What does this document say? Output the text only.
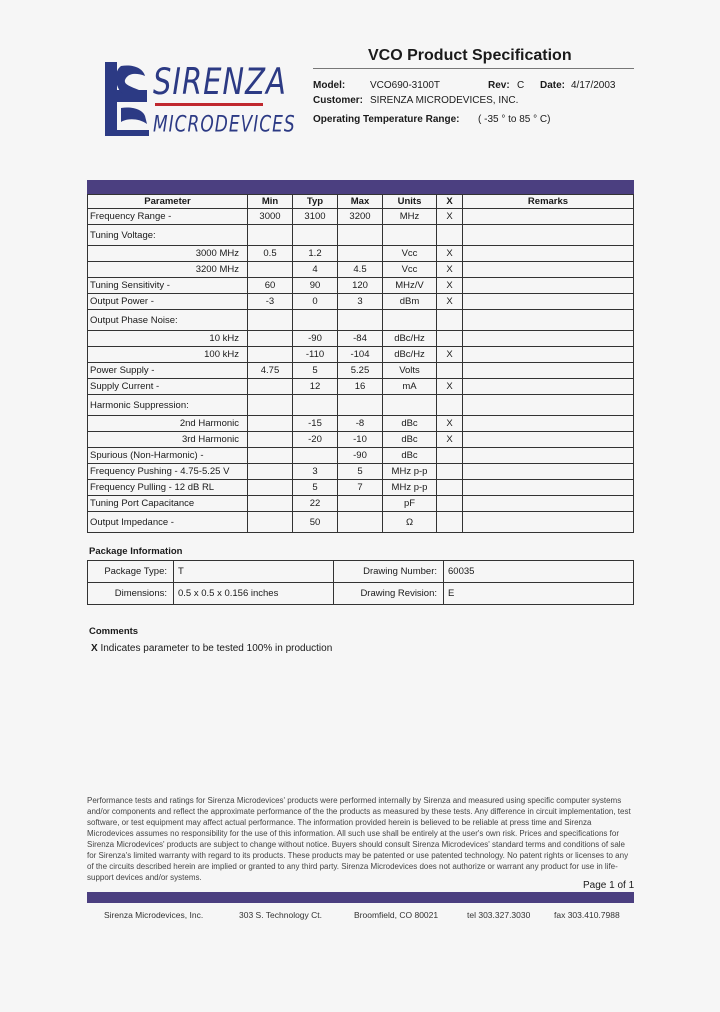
SIRENZA
MICRODEVICES
VCO Product Specification
Model: VCO690-3100T	Rev: C Date: 4/17/2003
Customer: SIRENZA MICRODEVICES, INC.
Operating Temperature Range: ( -35 ° to 85 ° C)
Parameter	Min	Typ	Max	Units	X	Remarks
Frequency Range -	3000	3100	3200	MHz	X	
Tuning Voltage:						
3000 MHz	0.5	1.2		Vcc	X	
3200 MHz		4	4.5	Vcc	X	
Tuning Sensitivity -	60	90	120	MHz/V	X	
Output Power -	-3	0	3	dBm	X	
Output Phase Noise:						
10 kHz		-90	-84	dBc/Hz		
100 kHz		-110	-104	dBc/Hz	X	
Power Supply -	4.75	5	5.25	Volts		
Supply Current -		12	16	mA	X	
Harmonic Suppression:						
2nd Harmonic		-15	-8	dBc	X	
3rd Harmonic		-20	-10	dBc	X	
Spurious (Non-Harmonic) -			-90	dBc		
Frequency Pushing - 4.75-5.25 V		3	5	MHz p-p		
Frequency Pulling - 12 dB RL		5	7	MHz p-p		
Tuning Port Capacitance		22		pF		
Output Impedance -		50		Ω		
Package Information
Package Type:	T	Drawing Number:	60035
Dimensions:	0.5 x 0.5 x 0.156 inches	Drawing Revision:	E
Comments
X Indicates parameter to be tested 100% in production
Performance tests and ratings for Sirenza Microdevices' products were performed internally by Sirenza and measured using specific computer systems and/or components and reflect the approximate performance of the the products as measured by these tests. Any difference in circuit implementation, test software, or test equipment may affect actual performance. The information provided herein is believed to be reliable at press time and Sirenza Microdevices assumes no responsibility for the use of this information. All such use shall be entirely at the user's own risk. Prices and specifications for Sirenza Microdevices' products are subject to change without notice. Buyers should consult Sirenza Microdevices' standard terms and conditions of sale for Sirenza's limited warranty with regard to its products. These products may be patented or use patented technology. No patent rights or licenses to any of the circuits described herein are implied or granted to any third party. Sirenza Microdevices does not authorize or warrant any product for use in life-support devices and/or systems.
Page 1 of 1
Sirenza Microdevices, Inc.	303 S. Technology Ct.	Broomfield, CO 80021	tel 303.327.3030	fax 303.410.7988
